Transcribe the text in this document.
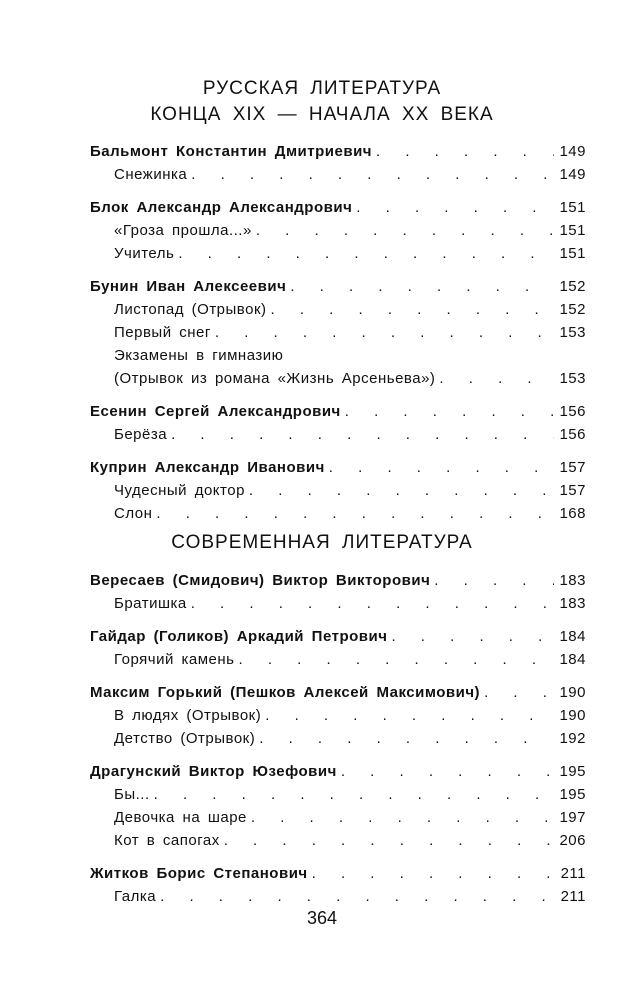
РУССКАЯ ЛИТЕРАТУРА

КОНЦА XIX — НАЧАЛА XX ВЕКА

Бальмонт Константин Дмитриевич . . .	149
Снежинка . . .	149
Блок Александр Александрович . . .	151
«Гроза прошла...» . . .	151
Учитель . . .	151
Бунин Иван Алексеевич . . .	152
Листопад (Отрывок) . . .	152
Первый снег . . .	153
Экзамены в гимназию
(Отрывок из романа «Жизнь Арсеньева») . . .	153
Есенин Сергей Александрович . . .	156
Берёза . . .	156
Куприн Александр Иванович . . .	157
Чудесный доктор . . .	157
Слон . . .	168

СОВРЕМЕННАЯ ЛИТЕРАТУРА

Вересаев (Смидович) Виктор Викторович . . .	183
Братишка . . .	183
Гайдар (Голиков) Аркадий Петрович . . .	184
Горячий камень . . .	184
Максим Горький (Пешков Алексей Максимович) . . .	190
В людях (Отрывок) . . .	190
Детство (Отрывок) . . .	192
Драгунский Виктор Юзефович . . .	195
Бы... . . .	195
Девочка на шаре . . .	197
Кот в сапогах . . .	206
Житков Борис Степанович . . .	211
Галка . . .	211
364
